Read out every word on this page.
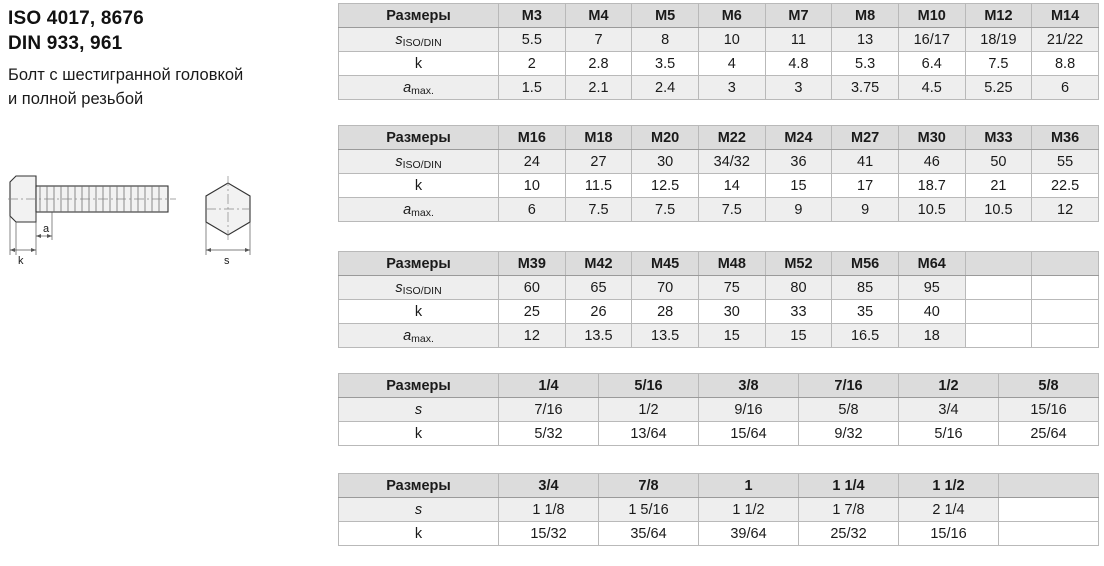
ISO 4017, 8676
DIN 933, 961
Болт с шестигранной головкой
и полной резьбой
a
k	s
Размеры	M3	M4	M5	M6	M7	M8	M10	M12	M14
sISO/DIN	5.5	7	8	10	11	13	16/17	18/19	21/22
k	2	2.8	3.5	4	4.8	5.3	6.4	7.5	8.8
amax.	1.5	2.1	2.4	3	3	3.75	4.5	5.25	6
Размеры	M16	M18	M20	M22	M24	M27	M30	M33	M36
sISO/DIN	24	27	30	34/32	36	41	46	50	55
k	10	11.5	12.5	14	15	17	18.7	21	22.5
amax.	6	7.5	7.5	7.5	9	9	10.5	10.5	12
Размеры	M39	M42	M45	M48	M52	M56	M64		
sISO/DIN	60	65	70	75	80	85	95		
k	25	26	28	30	33	35	40		
amax.	12	13.5	13.5	15	15	16.5	18		
Размеры	1/4	5/16	3/8	7/16	1/2	5/8
s	7/16	1/2	9/16	5/8	3/4	15/16
k	5/32	13/64	15/64	9/32	5/16	25/64
Размеры	3/4	7/8	1	1 1/4	1 1/2	
s	1 1/8	1 5/16	1 1/2	1 7/8	2 1/4	
k	15/32	35/64	39/64	25/32	15/16	
